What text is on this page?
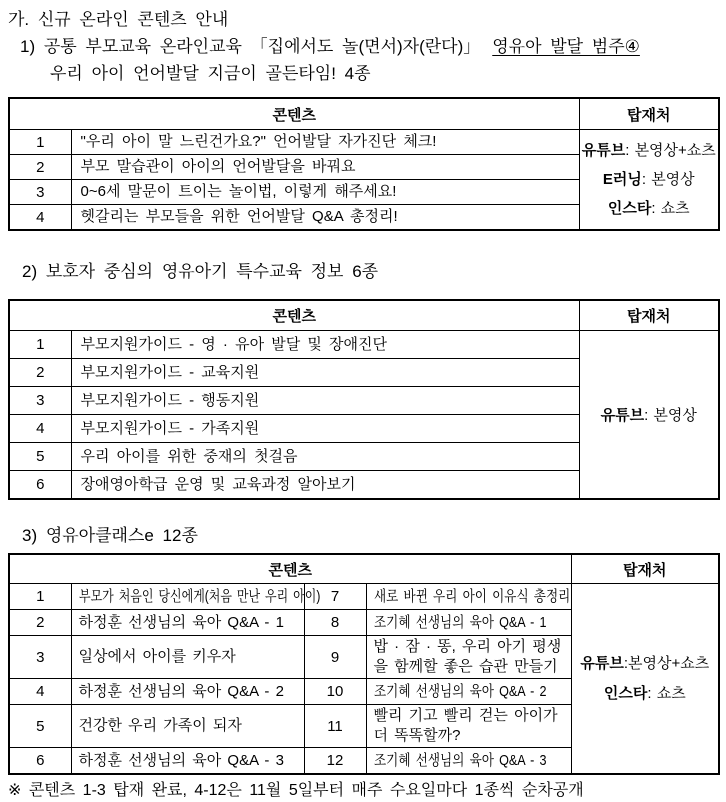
가. 신규 온라인 콘텐츠 안내
1) 공통 부모교육 온라인교육 「집에서도 놀(면서)자(란다)」 영유아 발달 범주④
우리 아이 언어발달 지금이 골든타임! 4종
콘텐츠		탑재처
1	"우리 아이 말 느린건가요?" 언어발달 자가진단 체크!	유튜브: 본영상+쇼츠
E러닝: 본영상
인스타: 쇼츠

2	부모 말습관이 아이의 언어발달을 바꿔요	
3	0~6세 말문이 트이는 놀이법, 이렇게 해주세요!	
4	헷갈리는 부모들을 위한 언어발달 Q&A 총정리!	
2) 보호자 중심의 영유아기 특수교육 정보 6종
콘텐츠		탑재처
1	부모지원가이드 - 영 · 유아 발달 및 장애진단	유튜브: 본영상

2	부모지원가이드 - 교육지원	
3	부모지원가이드 - 행동지원	
4	부모지원가이드 - 가족지원	
5	우리 아이를 위한 중재의 첫걸음	
6	장애영아학급 운영 및 교육과정 알아보기	
3) 영유아클래스e 12종
콘텐츠				탑재처
1	부모가 처음인 당신에게(처음 만난 우리 아이)	7	새로 바뀐 우리 아이 이유식 총정리	유튜브:본영상+쇼츠
인스타: 쇼츠

2	하정훈 선생님의 육아 Q&A - 1	8	조기혜 선생님의 육아 Q&A - 1	
3	일상에서 아이를 키우자	9	밥 · 잠 · 똥, 우리 아기 평생을 함께할 좋은 습관 만들기	
4	하정훈 선생님의 육아 Q&A - 2	10	조기혜 선생님의 육아 Q&A - 2	
5	건강한 우리 가족이 되자	11	빨리 기고 빨리 걷는 아이가 더 똑똑할까?	
6	하정훈 선생님의 육아 Q&A - 3	12	조기혜 선생님의 육아 Q&A - 3	
※ 콘텐츠 1-3 탑재 완료, 4-12은 11월 5일부터 매주 수요일마다 1종씩 순차공개
